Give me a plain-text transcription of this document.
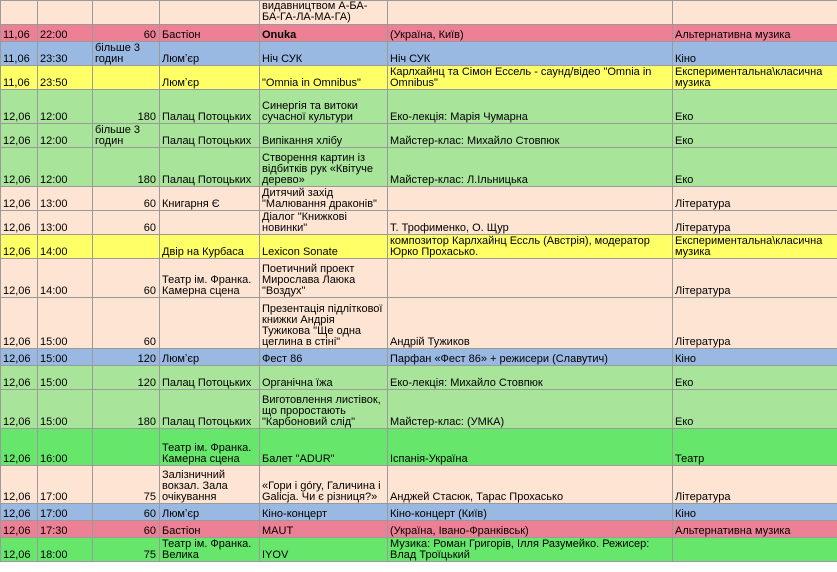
				видавництвом А-БА-БА-ГА-ЛА-МА-ГА)		
11,06	22:00	60	Бастіон	Onuka	(Україна, Київ)	Альтернативна музика
11,06	23:30	більше 3 годин	Люмʼєр	Ніч СУК	Ніч СУК	Кіно
11,06	23:50		Люмʼєр	"Omnia in Omnibus"	Карлхайнц та Сімон Ессель - саунд/відео "Omnia in Omnibus"	Експериментальна\класична музика
12,06	12:00	180	Палац Потоцьких	Синергія та витоки сучасної культури	Еко-лекція: Марія Чумарна	Еко
12,06	12:00	більше 3 годин	Палац Потоцьких	Випікання хлібу	Майстер-клас: Михайло Стовпюк	Еко
12,06	12:00	180	Палац Потоцьких	Створення картин із відбитків рук «Квітуче дерево»	Майстер-клас: Л.Ільницька	Еко
12,06	13:00	60	Книгарня Є	Дитячий захід "Малювання драконів"		Література
12,06	13:00	60		Діалог "Книжкові новинки"	Т. Трофименко, О. Щур	Література
12,06	14:00		Двір на Курбаса	Lexicon Sonate	композитор Карлхайнц Ессль (Австрія), модератор Юрко Прохасько.	Експериментальна\класична музика
12,06	14:00	60	Театр ім. Франка. Камерна сцена	Поетичний проект Мирослава Лаюка "Воздух"		Література
12,06	15:00	60		Презентація підліткової книжки Андрія Тужикова "Ще одна цеглина в стіні"	Андрій Тужиков	Література
12,06	15:00	120	Люмʼєр	Фест 86	Парфан «Фест 86» + режисери (Славутич)	Кіно
12,06	15:00	120	Палац Потоцьких	Органічна їжа	Еко-лекція: Михайло Стовпюк	Еко
12,06	15:00	180	Палац Потоцьких	Виготовлення листівок, що проростають "Карбоновий слід"	Майстер-клас: (УМКА)	Еко
12,06	16:00		Театр ім. Франка. Камерна сцена	Балет "ADUR"	Іспанія-Україна	Театр
12,06	17:00	75	Залізничний вокзал. Зала очікування	«Гори і góry, Галичина і Galicja. Чи є різниця?»	Анджей Стасюк, Тарас Прохасько	Література
12,06	17:00	60	Люмʼєр	Кіно-концерт	Кіно-концерт (Київ)	Кіно
12,06	17:30	60	Бастіон	MAUT	(Україна, Івано-Франківськ)	Альтернативна музика
12,06	18:00	75	Театр ім. Франка. Велика	IYOV	Музика: Роман Григорів, Ілля Разумейко. Режисер: Влад Троїцький	
